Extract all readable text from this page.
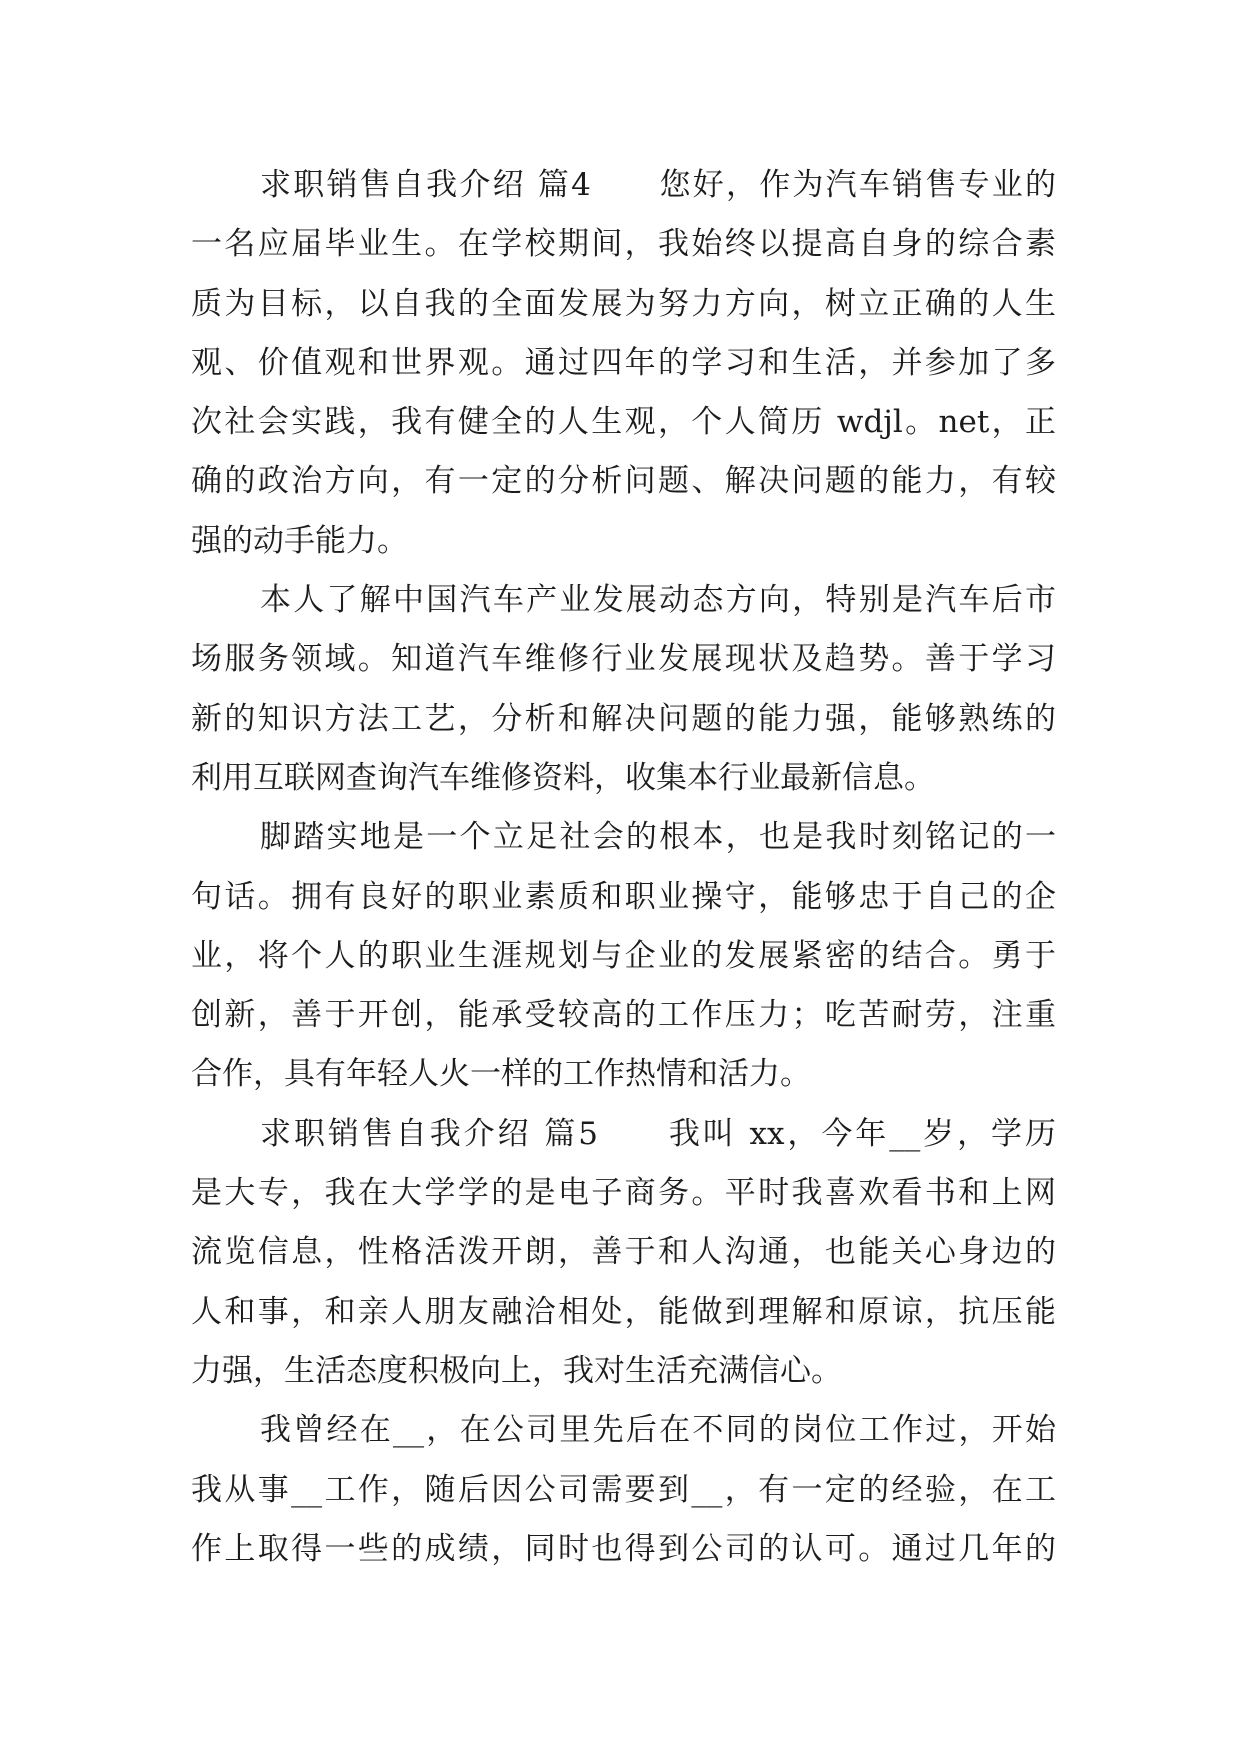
求职销售自我介绍 篇4　　您好，作为汽车销售专业的
一名应届毕业生。在学校期间，我始终以提高自身的综合素
质为目标，以自我的全面发展为努力方向，树立正确的人生
观、价值观和世界观。通过四年的学习和生活，并参加了多
次社会实践，我有健全的人生观，个人简历 wdjl。net，正
确的政治方向，有一定的分析问题、解决问题的能力，有较
强的动手能力。
本人了解中国汽车产业发展动态方向，特别是汽车后市
场服务领域。知道汽车维修行业发展现状及趋势。善于学习
新的知识方法工艺，分析和解决问题的能力强，能够熟练的
利用互联网查询汽车维修资料，收集本行业最新信息。
脚踏实地是一个立足社会的根本，也是我时刻铭记的一
句话。拥有良好的职业素质和职业操守，能够忠于自己的企
业，将个人的职业生涯规划与企业的发展紧密的结合。勇于
创新，善于开创，能承受较高的工作压力；吃苦耐劳，注重
合作，具有年轻人火一样的工作热情和活力。
求职销售自我介绍 篇5　　我叫 xx，今年__岁，学历
是大专，我在大学学的是电子商务。平时我喜欢看书和上网
流览信息，性格活泼开朗，善于和人沟通，也能关心身边的
人和事，和亲人朋友融洽相处，能做到理解和原谅，抗压能
力强，生活态度积极向上，我对生活充满信心。
我曾经在__，在公司里先后在不同的岗位工作过，开始
我从事__工作，随后因公司需要到__，有一定的经验，在工
作上取得一些的成绩，同时也得到公司的认可。通过几年的
